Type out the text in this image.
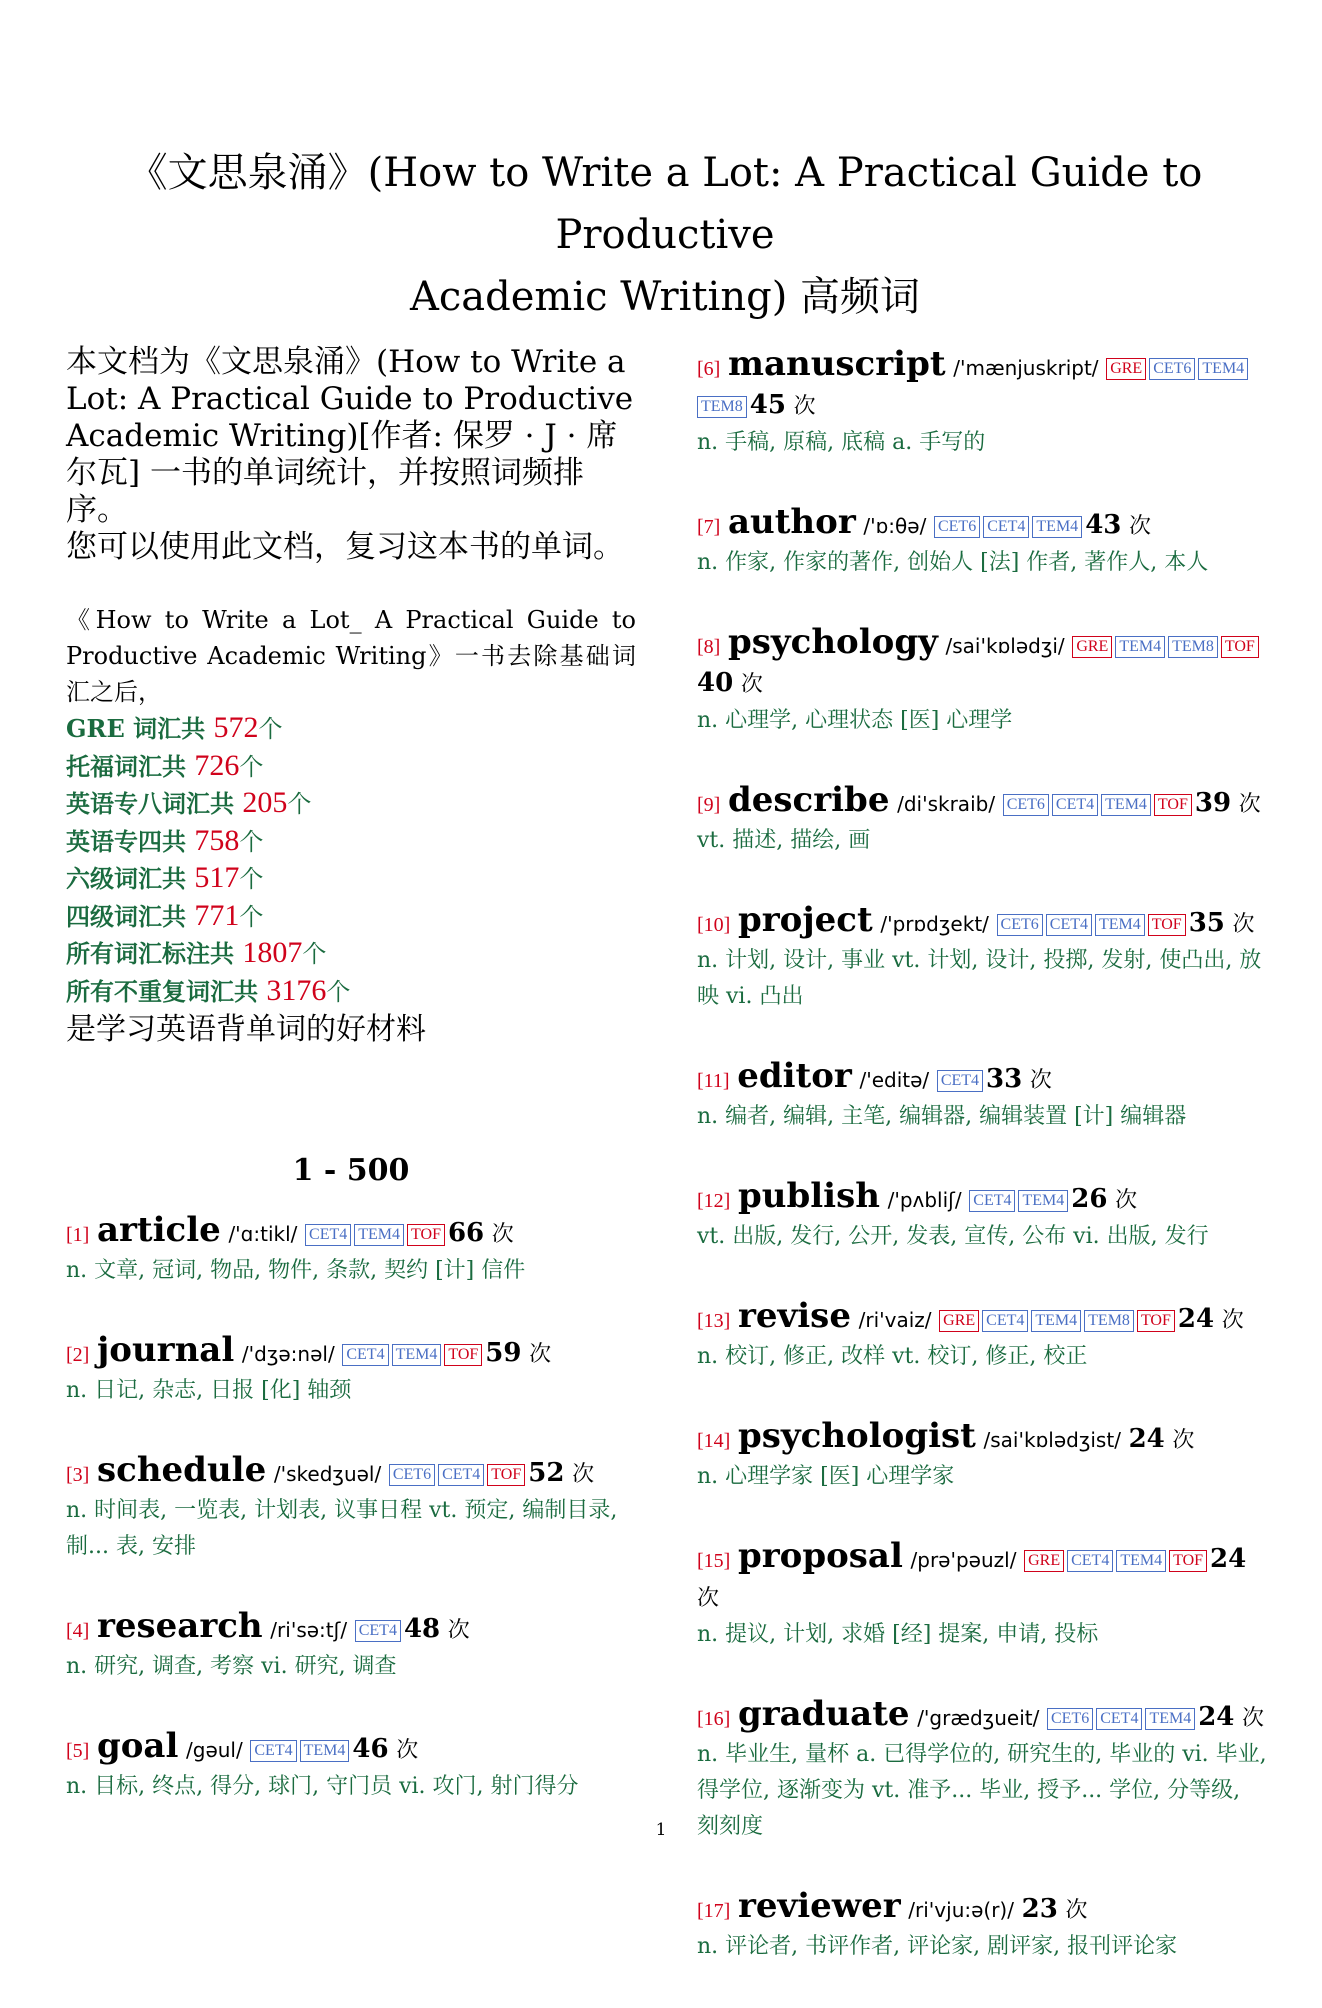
《文思泉涌》(How to Write a Lot: A Practical Guide to Productive
Academic Writing) 高频词

本文档为《文思泉涌》(How to Write a Lot: A Practical Guide to Productive Academic Writing)[作者: 保罗 · J · 席尔瓦] 一书的单词统计，并按照词频排序。

您可以使用此文档，复习这本书的单词。

《How to Write a Lot_ A Practical Guide to Productive Academic Writing》一书去除基础词汇之后，
GRE 词汇共 572个
托福词汇共 726个
英语专八词汇共 205个
英语专四共 758个
六级词汇共 517个
四级词汇共 771个
所有词汇标注共 1807个
所有不重复词汇共 3176个
是学习英语背单词的好材料
1 - 500
[1] article /'ɑ:tikl/ CET4 TEM4 TOF 66 次
n. 文章, 冠词, 物品, 物件, 条款, 契约 [计] 信件
[2] journal /'dʒə:nəl/ CET4 TEM4 TOF 59 次
n. 日记, 杂志, 日报 [化] 轴颈
[3] schedule /'skedʒuəl/ CET6 CET4 TOF 52 次
n. 时间表, 一览表, 计划表, 议事日程 vt. 预定, 编制目录, 制... 表, 安排
[4] research /ri'sə:tʃ/ CET4 48 次
n. 研究, 调查, 考察 vi. 研究, 调查
[5] goal /gəul/ CET4 TEM4 46 次
n. 目标, 终点, 得分, 球门, 守门员 vi. 攻门, 射门得分
[6] manuscript /'mænjuskript/ GRE CET6 TEM4TEM8 45 次
n. 手稿, 原稿, 底稿 a. 手写的
[7] author /'ɒ:θə/ CET6 CET4 TEM4 43 次
n. 作家, 作家的著作, 创始人 [法] 作者, 著作人, 本人
[8] psychology /sai'kɒlədʒi/ GRE TEM4 TEM8 TOF40 次
n. 心理学, 心理状态 [医] 心理学
[9] describe /di'skraib/ CET6 CET4 TEM4 TOF 39 次
vt. 描述, 描绘, 画
[10] project /'prɒdʒekt/ CET6 CET4 TEM4 TOF 35 次
n. 计划, 设计, 事业 vt. 计划, 设计, 投掷, 发射, 使凸出, 放映 vi. 凸出
[11] editor /'editə/ CET4 33 次
n. 编者, 编辑, 主笔, 编辑器, 编辑装置 [计] 编辑器
[12] publish /'pʌbliʃ/ CET4 TEM4 26 次
vt. 出版, 发行, 公开, 发表, 宣传, 公布 vi. 出版, 发行
[13] revise /ri'vaiz/ GRE CET4 TEM4 TEM8 TOF 24 次
n. 校订, 修正, 改样 vt. 校订, 修正, 校正
[14] psychologist /sai'kɒlədʒist/ 24 次
n. 心理学家 [医] 心理学家
[15] proposal /prə'pəuzl/ GRE CET4 TEM4 TOF 24 次
n. 提议, 计划, 求婚 [经] 提案, 申请, 投标
[16] graduate /'grædʒueit/ CET6 CET4 TEM4 24 次
n. 毕业生, 量杯 a. 已得学位的, 研究生的, 毕业的 vi. 毕业, 得学位, 逐渐变为 vt. 准予... 毕业, 授予... 学位, 分等级, 刻刻度
[17] reviewer /ri'vju:ə(r)/ 23 次
n. 评论者, 书评作者, 评论家, 剧评家, 报刊评论家
1
